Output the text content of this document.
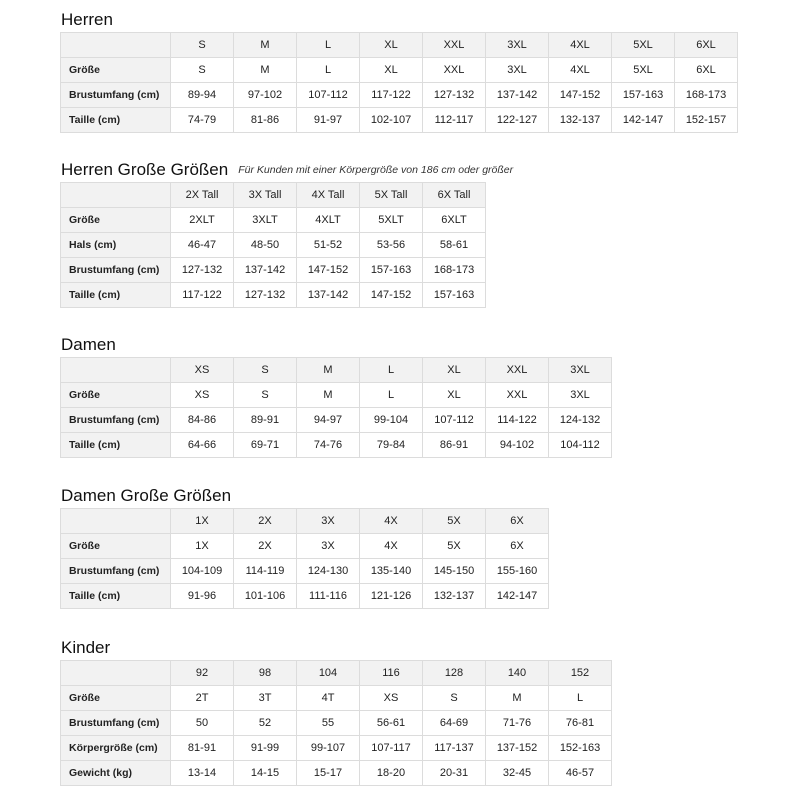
Herren
	S	M	L	XL	XXL	3XL	4XL	5XL	6XL
Größe	S	M	L	XL	XXL	3XL	4XL	5XL	6XL
Brustumfang (cm)	89-94	97-102	107-112	117-122	127-132	137-142	147-152	157-163	168-173
Taille (cm)	74-79	81-86	91-97	102-107	112-117	122-127	132-137	142-147	152-157
Herren Große Größen Für Kunden mit einer Körpergröße von 186 cm oder größer
	2X Tall	3X Tall	4X Tall	5X Tall	6X Tall
Größe	2XLT	3XLT	4XLT	5XLT	6XLT
Hals (cm)	46-47	48-50	51-52	53-56	58-61
Brustumfang (cm)	127-132	137-142	147-152	157-163	168-173
Taille (cm)	117-122	127-132	137-142	147-152	157-163
Damen
	XS	S	M	L	XL	XXL	3XL
Größe	XS	S	M	L	XL	XXL	3XL
Brustumfang (cm)	84-86	89-91	94-97	99-104	107-112	114-122	124-132
Taille (cm)	64-66	69-71	74-76	79-84	86-91	94-102	104-112
Damen Große Größen
	1X	2X	3X	4X	5X	6X
Größe	1X	2X	3X	4X	5X	6X
Brustumfang (cm)	104-109	114-119	124-130	135-140	145-150	155-160
Taille (cm)	91-96	101-106	111-116	121-126	132-137	142-147
Kinder
	92	98	104	116	128	140	152
Größe	2T	3T	4T	XS	S	M	L
Brustumfang (cm)	50	52	55	56-61	64-69	71-76	76-81
Körpergröße (cm)	81-91	91-99	99-107	107-117	117-137	137-152	152-163
Gewicht (kg)	13-14	14-15	15-17	18-20	20-31	32-45	46-57
